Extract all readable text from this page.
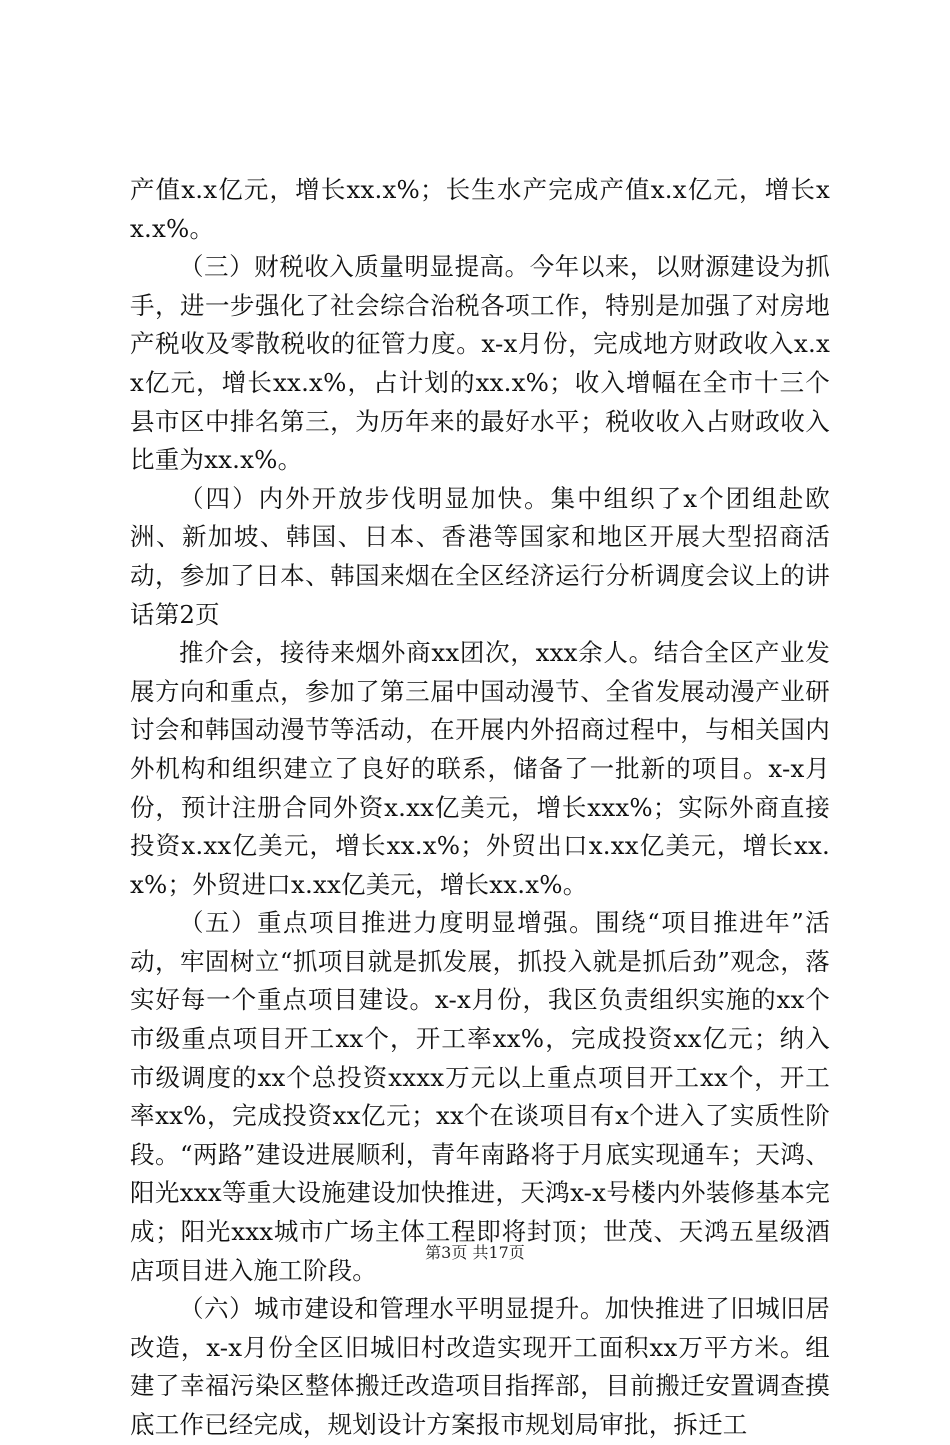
产值x.x亿元，增长xx.x%；长生水产完成产值x.x亿元，增长xx.x%。

（三）财税收入质量明显提高。今年以来，以财源建设为抓手，进一步强化了社会综合治税各项工作，特别是加强了对房地产税收及零散税收的征管力度。x-x月份，完成地方财政收入x.xx亿元，增长xx.x%，占计划的xx.x%；收入增幅在全市十三个县市区中排名第三，为历年来的最好水平；税收收入占财政收入比重为xx.x%。

（四）内外开放步伐明显加快。集中组织了x个团组赴欧洲、新加坡、韩国、日本、香港等国家和地区开展大型招商活动，参加了日本、韩国来烟在全区经济运行分析调度会议上的讲话第2页

推介会，接待来烟外商xx团次，xxx余人。结合全区产业发展方向和重点，参加了第三届中国动漫节、全省发展动漫产业研讨会和韩国动漫节等活动，在开展内外招商过程中，与相关国内外机构和组织建立了良好的联系，储备了一批新的项目。x-x月份，预计注册合同外资x.xx亿美元，增长xxx%；实际外商直接投资x.xx亿美元，增长xx.x%；外贸出口x.xx亿美元，增长xx.x%；外贸进口x.xx亿美元，增长xx.x%。

（五）重点项目推进力度明显增强。围绕“项目推进年”活动，牢固树立“抓项目就是抓发展，抓投入就是抓后劲”观念，落实好每一个重点项目建设。x-x月份，我区负责组织实施的xx个市级重点项目开工xx个，开工率xx%，完成投资xx亿元；纳入市级调度的xx个总投资xxxx万元以上重点项目开工xx个，开工率xx%，完成投资xx亿元；xx个在谈项目有x个进入了实质性阶段。“两路”建设进展顺利，青年南路将于月底实现通车；天鸿、阳光xxx等重大设施建设加快推进，天鸿x-x号楼内外装修基本完成；阳光xxx城市广场主体工程即将封顶；世茂、天鸿五星级酒店项目进入施工阶段。

（六）城市建设和管理水平明显提升。加快推进了旧城旧居改造，x-x月份全区旧城旧村改造实现开工面积xx万平方米。组建了幸福污染区整体搬迁改造项目指挥部，目前搬迁安置调查摸底工作已经完成，规划设计方案报市规划局审批，拆迁工

第3页 共17页
